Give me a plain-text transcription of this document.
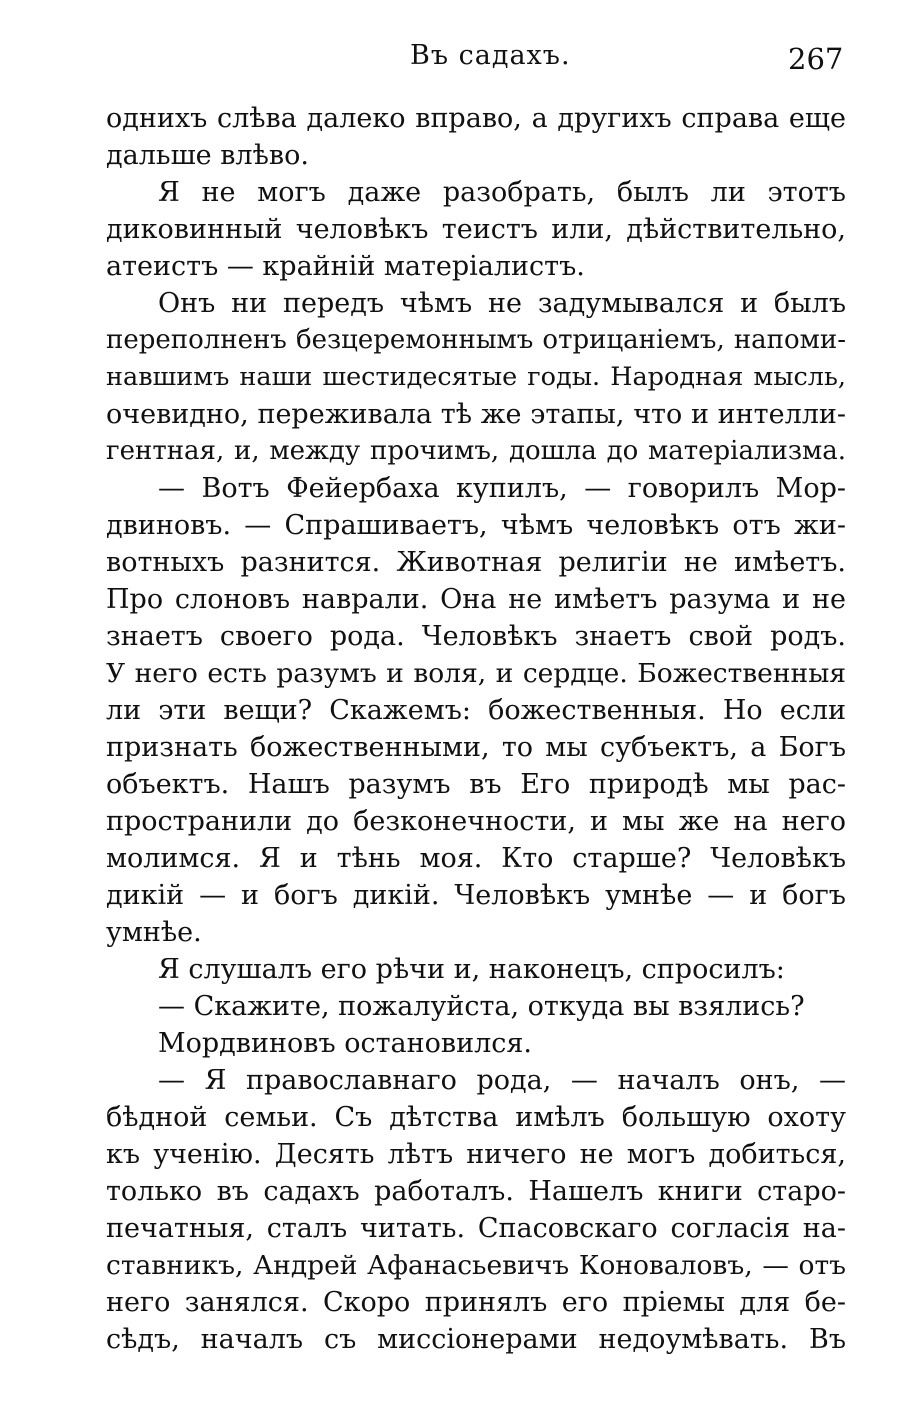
Въ садахъ.	267
однихъ слѣва далеко вправо, а другихъ справа еще
дальше влѣво.
Я не могъ даже разобрать, былъ ли этотъ
диковинный человѣкъ теистъ или, дѣйствительно,
атеистъ — крайній матеріалистъ.
Онъ ни передъ чѣмъ не задумывался и былъ
переполненъ безцеремоннымъ отрицаніемъ, напоми-
навшимъ наши шестидесятые годы. Народная мысль,
очевидно, переживала тѣ же этапы, что и интелли-
гентная, и, между прочимъ, дошла до матеріализма.
— Вотъ Фейербаха купилъ, — говорилъ Мор-
двиновъ. — Спрашиваетъ, чѣмъ человѣкъ отъ жи-
вотныхъ разнится. Животная религіи не имѣетъ.
Про слоновъ наврали. Она не имѣетъ разума и не
знаетъ своего рода. Человѣкъ знаетъ свой родъ.
У него есть разумъ и воля, и сердце. Божественныя
ли эти вещи? Скажемъ: божественныя. Но если
признать божественными, то мы субъектъ, а Богъ
объектъ. Нашъ разумъ въ Его природѣ мы рас-
пространили до безконечности, и мы же на него
молимся. Я и тѣнь моя. Кто старше? Человѣкъ
дикій — и богъ дикій. Человѣкъ умнѣе — и богъ
умнѣе.
Я слушалъ его рѣчи и, наконецъ, спросилъ:
— Скажите, пожалуйста, откуда вы взялись?
Мордвиновъ остановился.
— Я православнаго рода, — началъ онъ, —
бѣдной семьи. Съ дѣтства имѣлъ большую охоту
къ ученію. Десять лѣтъ ничего не могъ добиться,
только въ садахъ работалъ. Нашелъ книги старо-
печатныя, сталъ читать. Спасовскаго согласія на-
ставникъ, Андрей Афанасьевичъ Коноваловъ, — отъ
него занялся. Скоро принялъ его пріемы для бе-
сѣдъ, началъ съ миссіонерами недоумѣвать. Въ
